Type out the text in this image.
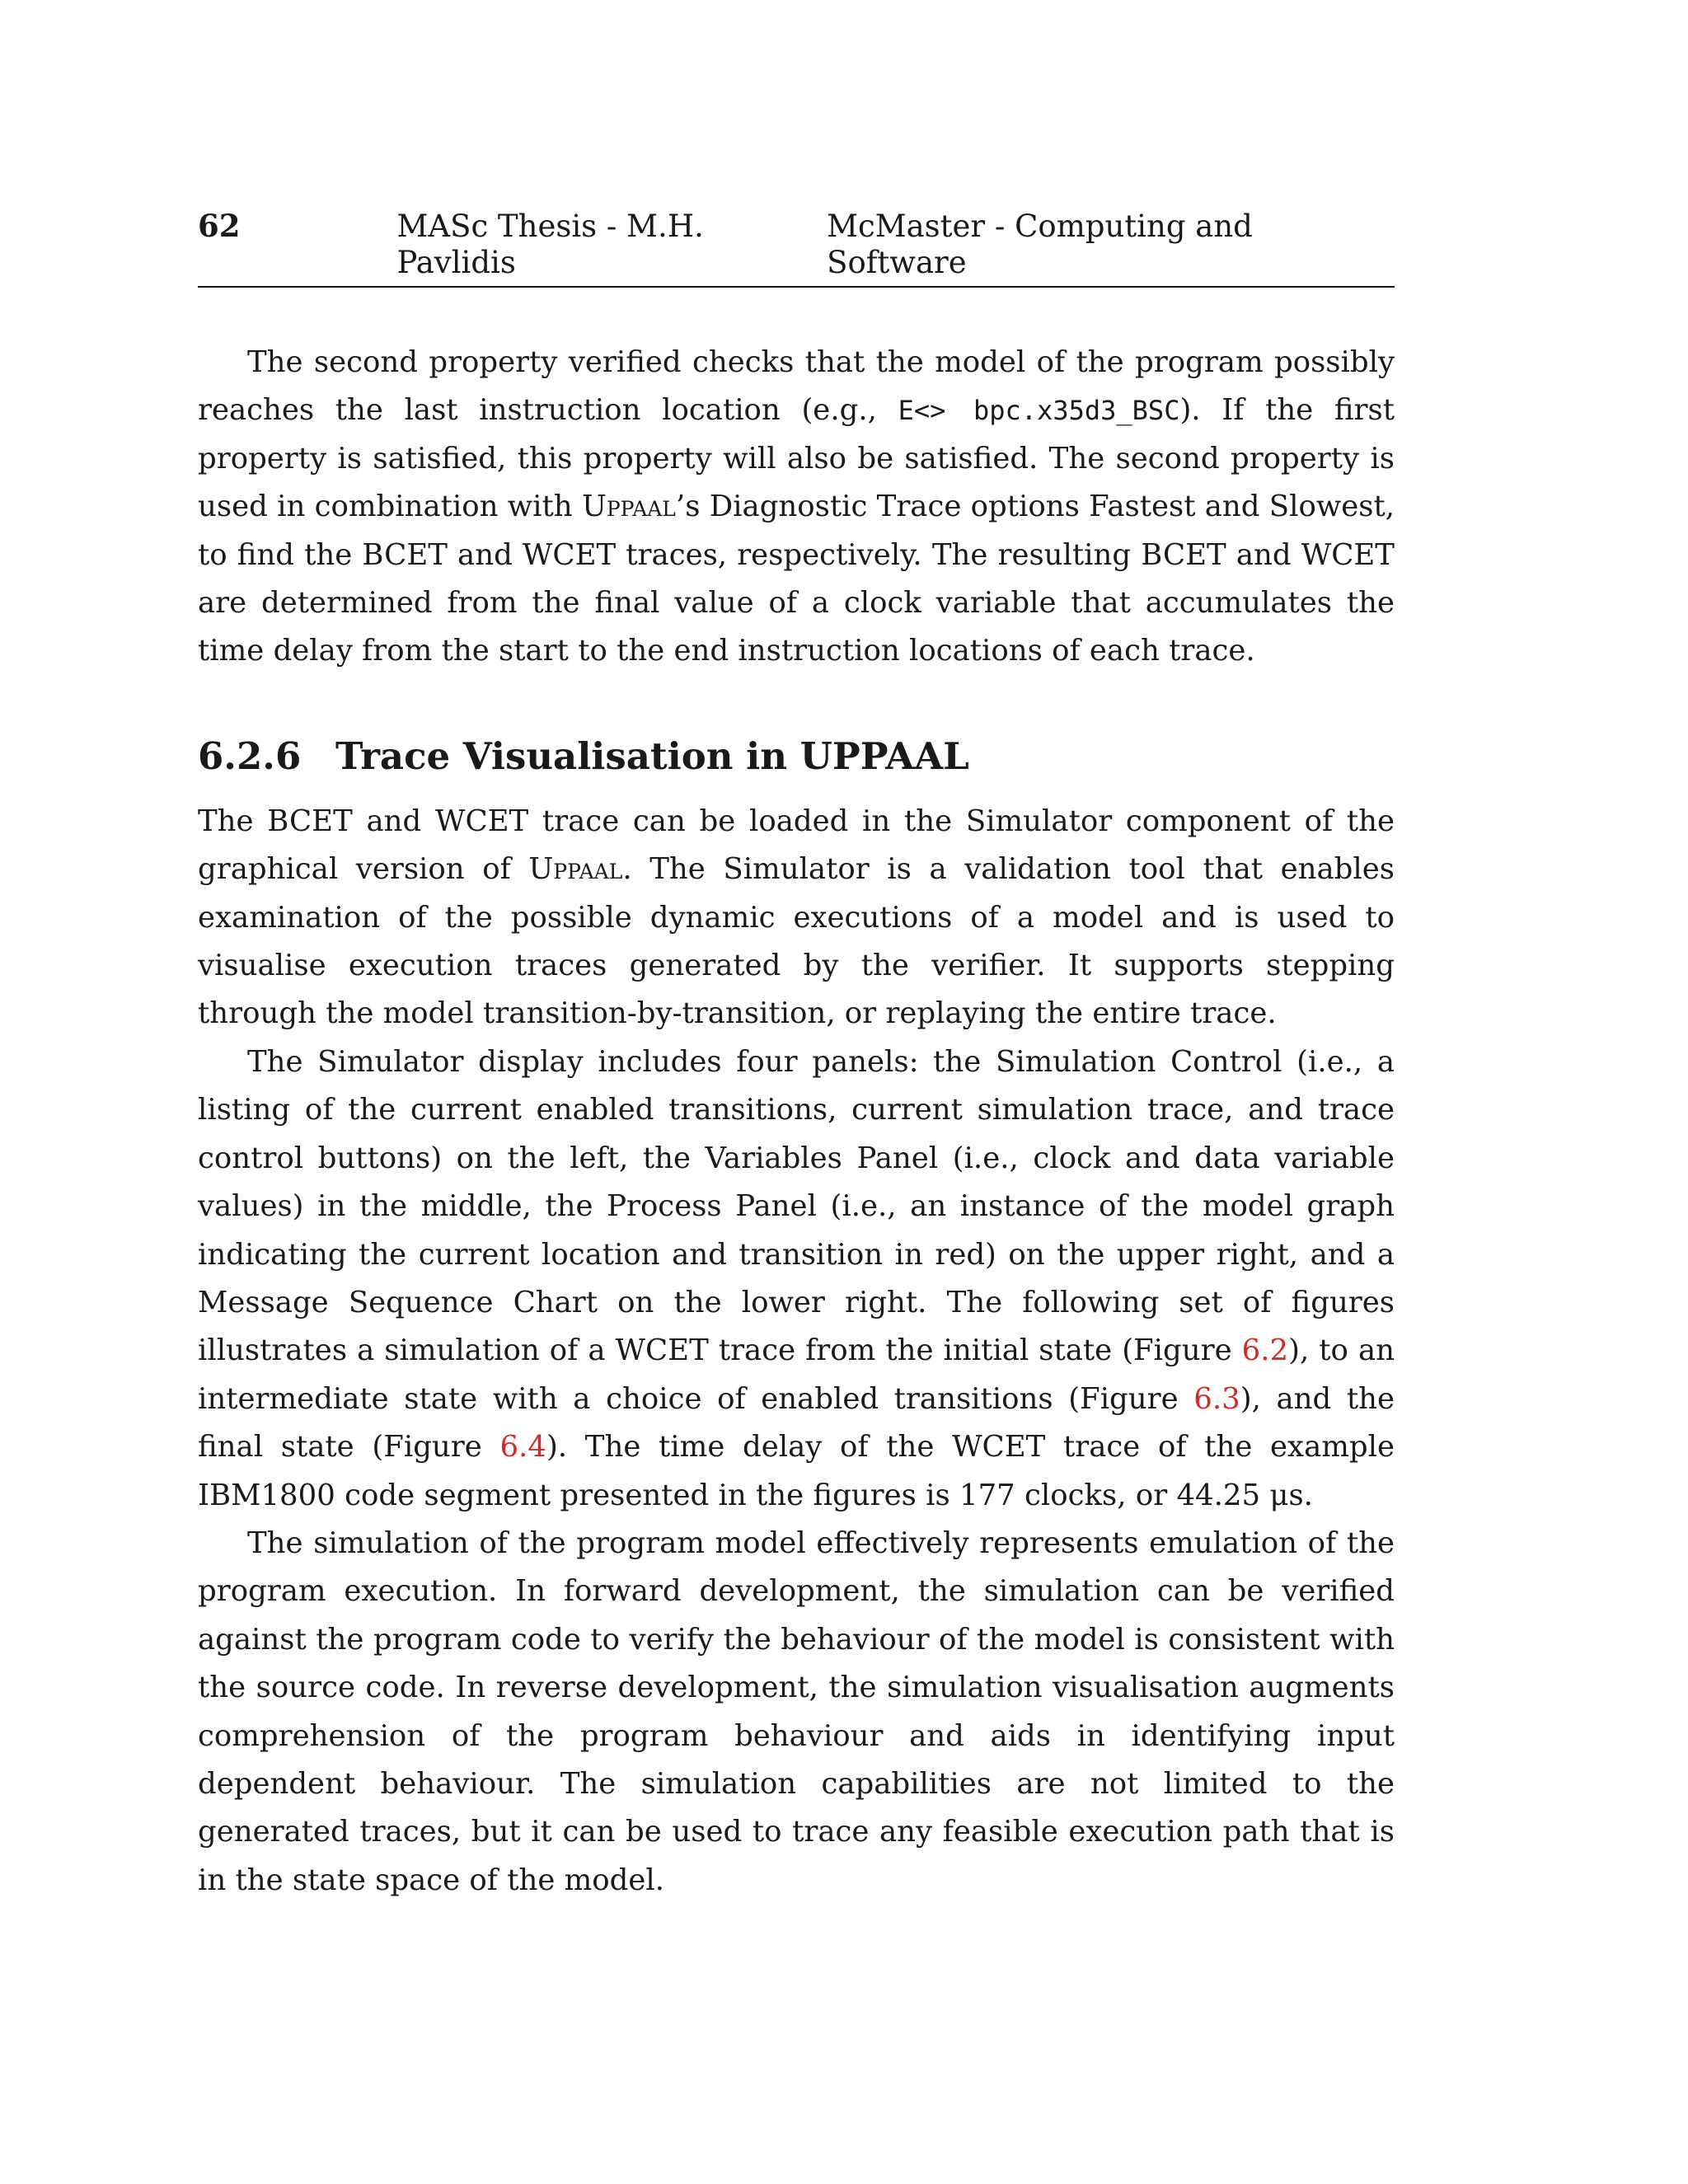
62	MASc Thesis - M.H. Pavlidis
McMaster - Computing and Software

The second property verified checks that the model of the program possibly reaches the last instruction location (e.g., E<> bpc.x35d3_BSC). If the first property is satisfied, this property will also be satisfied. The second property is used in combination with Uppaal’s Diagnostic Trace options Fastest and Slowest, to find the BCET and WCET traces, respectively. The resulting BCET and WCET are determined from the final value of a clock variable that accumulates the time delay from the start to the end instruction locations of each trace.

6.2.6 Trace Visualisation in UPPAAL

The BCET and WCET trace can be loaded in the Simulator component of the graphical version of Uppaal. The Simulator is a validation tool that enables examination of the possible dynamic executions of a model and is used to visualise execution traces generated by the verifier. It supports stepping through the model transition-by-transition, or replaying the entire trace.

The Simulator display includes four panels: the Simulation Control (i.e., a listing of the current enabled transitions, current simulation trace, and trace control buttons) on the left, the Variables Panel (i.e., clock and data variable values) in the middle, the Process Panel (i.e., an instance of the model graph indicating the current location and transition in red) on the upper right, and a Message Sequence Chart on the lower right. The following set of figures illustrates a simulation of a WCET trace from the initial state (Figure 6.2), to an intermediate state with a choice of enabled transitions (Figure 6.3), and the final state (Figure 6.4). The time delay of the WCET trace of the example IBM1800 code segment presented in the figures is 177 clocks, or 44.25 μs.

The simulation of the program model effectively represents emulation of the program execution. In forward development, the simulation can be verified against the program code to verify the behaviour of the model is consistent with the source code. In reverse development, the simulation visualisation augments comprehension of the program behaviour and aids in identifying input dependent behaviour. The simulation capabilities are not limited to the generated traces, but it can be used to trace any feasible execution path that is in the state space of the model.
